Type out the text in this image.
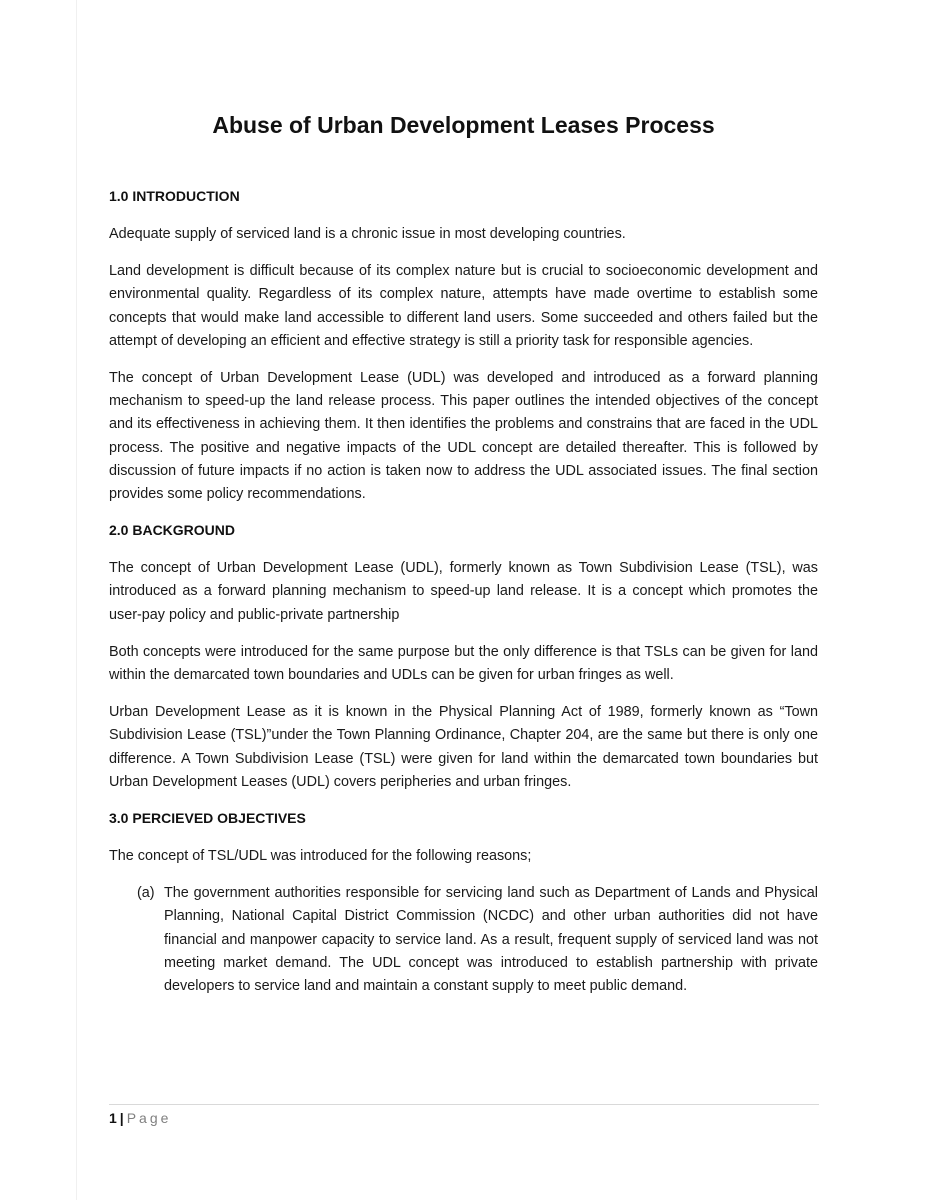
Abuse of Urban Development Leases Process
1.0 INTRODUCTION

Adequate supply of serviced land is a chronic issue in most developing countries.

Land development is difficult because of its complex nature but is crucial to socioeconomic development and environmental quality. Regardless of its complex nature, attempts have made overtime to establish some concepts that would make land accessible to different land users. Some succeeded and others failed but the attempt of developing an efficient and effective strategy is still a priority task for responsible agencies.

The concept of Urban Development Lease (UDL) was developed and introduced as a forward planning mechanism to speed-up the land release process. This paper outlines the intended objectives of the concept and its effectiveness in achieving them. It then identifies the problems and constrains that are faced in the UDL process. The positive and negative impacts of the UDL concept are detailed thereafter. This is followed by discussion of future impacts if no action is taken now to address the UDL associated issues. The final section provides some policy recommendations.

2.0 BACKGROUND

The concept of Urban Development Lease (UDL), formerly known as Town Subdivision Lease (TSL), was introduced as a forward planning mechanism to speed-up land release. It is a concept which promotes the user-pay policy and public-private partnership

Both concepts were introduced for the same purpose but the only difference is that TSLs can be given for land within the demarcated town boundaries and UDLs can be given for urban fringes as well.

Urban Development Lease as it is known in the Physical Planning Act of 1989, formerly known as “Town Subdivision Lease (TSL)”under the Town Planning Ordinance, Chapter 204, are the same but there is only one difference. A Town Subdivision Lease (TSL) were given for land within the demarcated town boundaries but Urban Development Leases (UDL) covers peripheries and urban fringes.

3.0 PERCIEVED OBJECTIVES

The concept of TSL/UDL was introduced for the following reasons;

(a) The government authorities responsible for servicing land such as Department of Lands and Physical Planning, National Capital District Commission (NCDC) and other urban authorities did not have financial and manpower capacity to service land. As a result, frequent supply of serviced land was not meeting market demand. The UDL concept was introduced to establish partnership with private developers to service land and maintain a constant supply to meet public demand.

1 | Page
